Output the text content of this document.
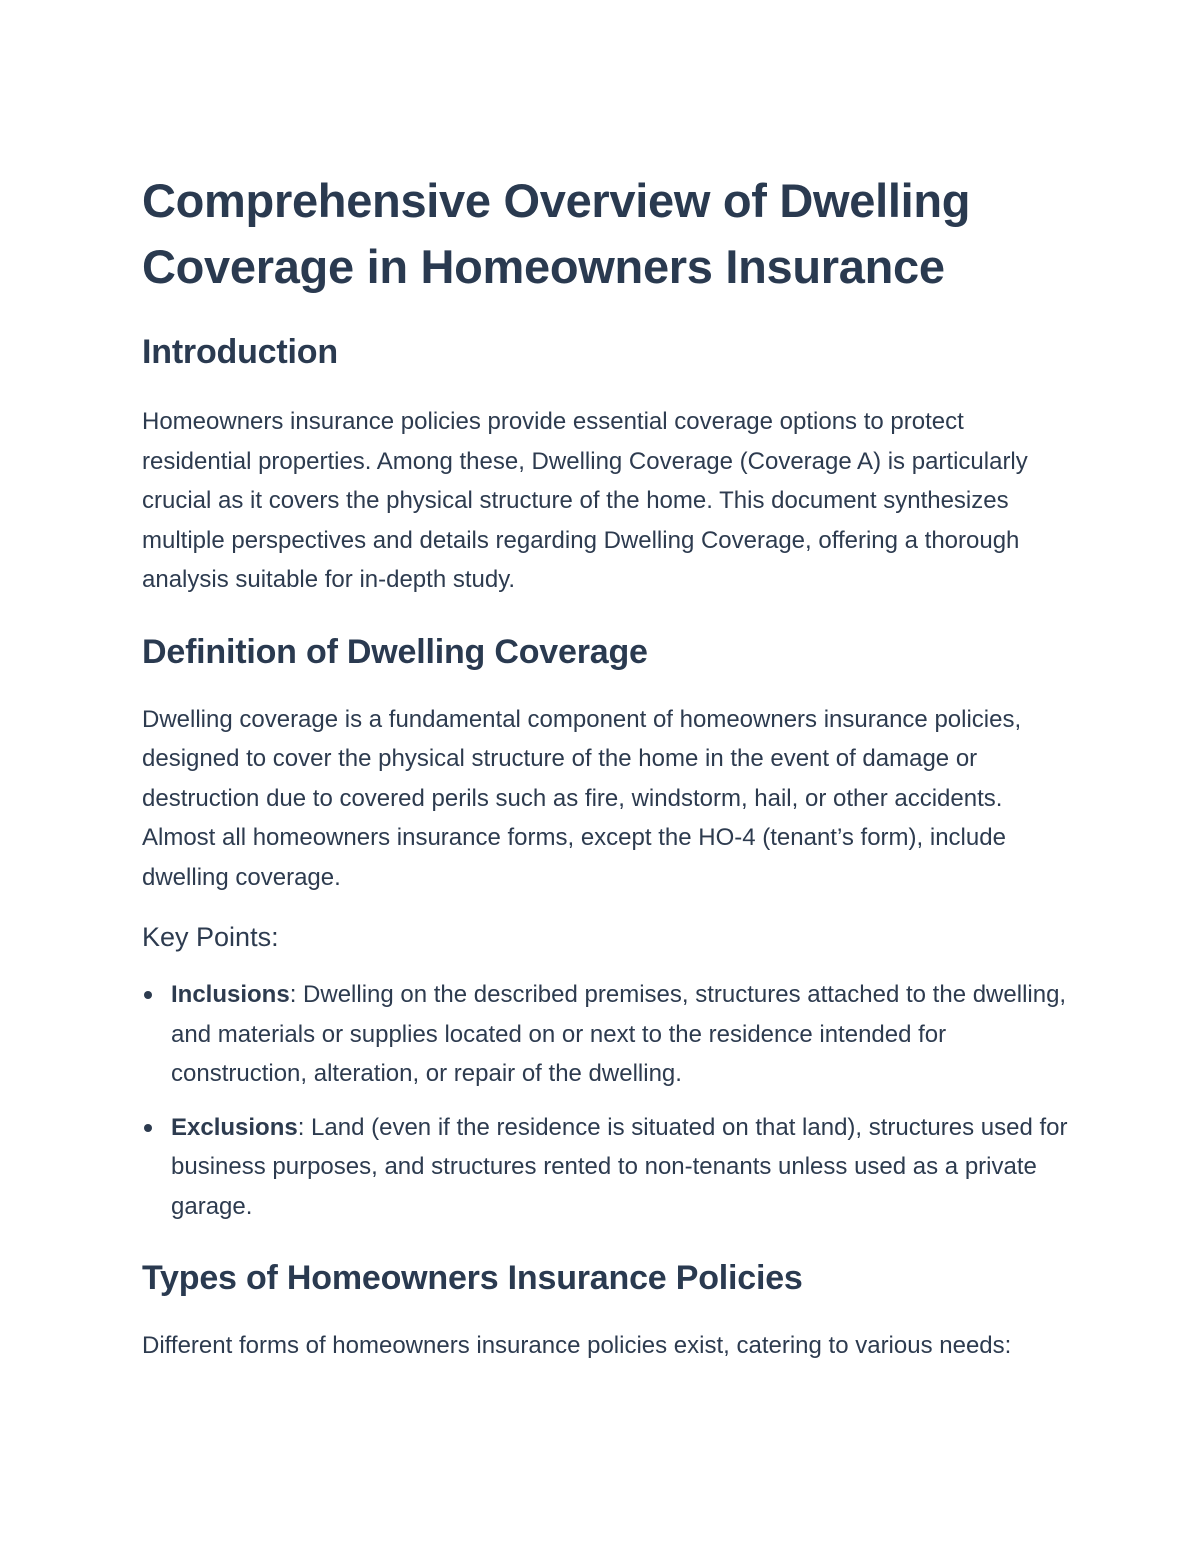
Comprehensive Overview of Dwelling Coverage in Homeowners Insurance
Introduction

Homeowners insurance policies provide essential coverage options to protect residential properties. Among these, Dwelling Coverage (Coverage A) is particularly crucial as it covers the physical structure of the home. This document synthesizes multiple perspectives and details regarding Dwelling Coverage, offering a thorough analysis suitable for in-depth study.

Definition of Dwelling Coverage

Dwelling coverage is a fundamental component of homeowners insurance policies, designed to cover the physical structure of the home in the event of damage or destruction due to covered perils such as fire, windstorm, hail, or other accidents. Almost all homeowners insurance forms, except the HO-4 (tenant’s form), include dwelling coverage.

Key Points:
Inclusions: Dwelling on the described premises, structures attached to the dwelling, and materials or supplies located on or next to the residence intended for construction, alteration, or repair of the dwelling.
Exclusions: Land (even if the residence is situated on that land), structures used for business purposes, and structures rented to non-tenants unless used as a private garage.
Types of Homeowners Insurance Policies

Different forms of homeowners insurance policies exist, catering to various needs:
